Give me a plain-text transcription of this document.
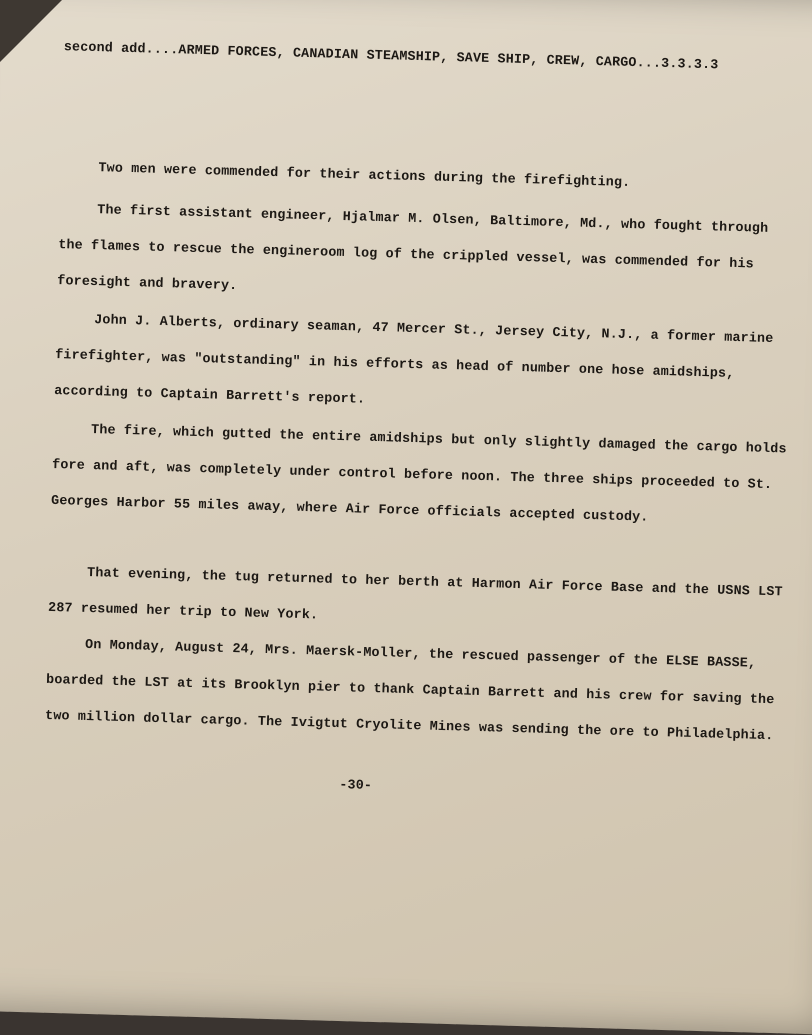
second add....ARMED FORCES, CANADIAN STEAMSHIP, SAVE SHIP, CREW, CARGO...3.3.3.3
Two men were commended for their actions during the firefighting.
The first assistant engineer, Hjalmar M. Olsen, Baltimore, Md., who fought through the flames to rescue the engineroom log of the crippled vessel, was commended for his foresight and bravery.
John J. Alberts, ordinary seaman, 47 Mercer St., Jersey City, N.J., a former marine firefighter, was "outstanding" in his efforts as head of number one hose amidships, according to Captain Barrett's report.
The fire, which gutted the entire amidships but only slightly damaged the cargo holds fore and aft, was completely under control before noon. The three ships proceeded to St. Georges Harbor 55 miles away, where Air Force officials accepted custody.
That evening, the tug returned to her berth at Harmon Air Force Base and the USNS LST 287 resumed her trip to New York.
On Monday, August 24, Mrs. Maersk-Moller, the rescued passenger of the ELSE BASSE, boarded the LST at its Brooklyn pier to thank Captain Barrett and his crew for saving the two million dollar cargo. The Ivigtut Cryolite Mines was sending the ore to Philadelphia.
-30-
